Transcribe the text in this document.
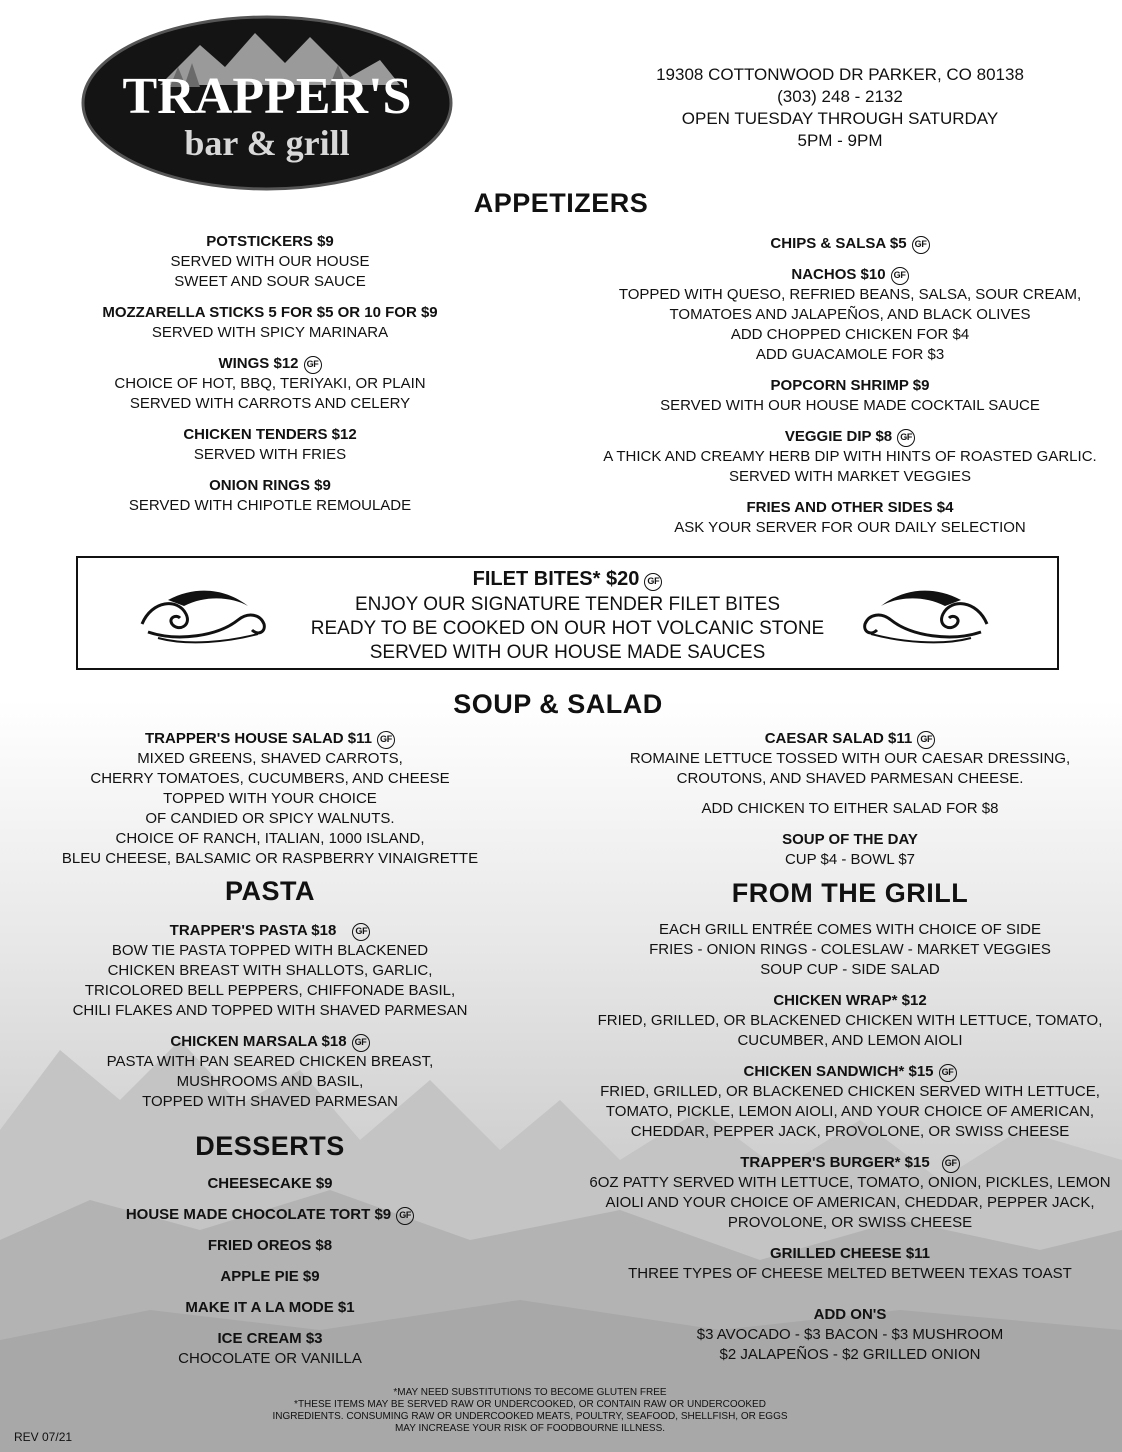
TRAPPER'S
bar & grill
19308 COTTONWOOD DR PARKER, CO 80138
(303) 248 - 2132
OPEN TUESDAY THROUGH SATURDAY
5PM - 9PM
APPETIZERS
POTSTICKERS $9
SERVED WITH OUR HOUSE
SWEET AND SOUR SAUCE
MOZZARELLA STICKS 5 FOR $5 OR 10 FOR $9
SERVED WITH SPICY MARINARA
WINGS $12 GF
CHOICE OF HOT, BBQ, TERIYAKI, OR PLAIN
SERVED WITH CARROTS AND CELERY
CHICKEN TENDERS $12
SERVED WITH FRIES
ONION RINGS $9
SERVED WITH CHIPOTLE REMOULADE
CHIPS & SALSA $5 GF
NACHOS $10 GF
TOPPED WITH QUESO, REFRIED BEANS, SALSA, SOUR CREAM,
TOMATOES AND JALAPEÑOS, AND BLACK OLIVES
ADD CHOPPED CHICKEN FOR $4
ADD GUACAMOLE FOR $3
POPCORN SHRIMP $9
SERVED WITH OUR HOUSE MADE COCKTAIL SAUCE
VEGGIE DIP $8 GF
A THICK AND CREAMY HERB DIP WITH HINTS OF ROASTED GARLIC.
SERVED WITH MARKET VEGGIES
FRIES AND OTHER SIDES $4
ASK YOUR SERVER FOR OUR DAILY SELECTION
FILET BITES* $20 GF
ENJOY OUR SIGNATURE TENDER FILET BITES
READY TO BE COOKED ON OUR HOT VOLCANIC STONE
SERVED WITH OUR HOUSE MADE SAUCES
SOUP & SALAD
TRAPPER'S HOUSE SALAD $11 GF
MIXED GREENS, SHAVED CARROTS,
CHERRY TOMATOES, CUCUMBERS, AND CHEESE
TOPPED WITH YOUR CHOICE
OF CANDIED OR SPICY WALNUTS.
CHOICE OF RANCH, ITALIAN, 1000 ISLAND,
BLEU CHEESE, BALSAMIC OR RASPBERRY VINAIGRETTE
CAESAR SALAD $11 GF
ROMAINE LETTUCE TOSSED WITH OUR CAESAR DRESSING,
CROUTONS, AND SHAVED PARMESAN CHEESE.
ADD CHICKEN TO EITHER SALAD FOR $8
SOUP OF THE DAY
CUP $4 - BOWL $7
PASTA
TRAPPER'S PASTA $18 GF
BOW TIE PASTA TOPPED WITH BLACKENED
CHICKEN BREAST WITH SHALLOTS, GARLIC,
TRICOLORED BELL PEPPERS, CHIFFONADE BASIL,
CHILI FLAKES AND TOPPED WITH SHAVED PARMESAN
CHICKEN MARSALA $18 GF
PASTA WITH PAN SEARED CHICKEN BREAST,
MUSHROOMS AND BASIL,
TOPPED WITH SHAVED PARMESAN
DESSERTS
CHEESECAKE $9
HOUSE MADE CHOCOLATE TORT $9 GF
FRIED OREOS $8
APPLE PIE $9
MAKE IT A LA MODE $1
ICE CREAM $3
CHOCOLATE OR VANILLA
FROM THE GRILL
EACH GRILL ENTRÉE COMES WITH CHOICE OF SIDE
FRIES - ONION RINGS - COLESLAW - MARKET VEGGIES
SOUP CUP - SIDE SALAD
CHICKEN WRAP* $12
FRIED, GRILLED, OR BLACKENED CHICKEN WITH LETTUCE, TOMATO,
CUCUMBER, AND LEMON AIOLI
CHICKEN SANDWICH* $15 GF
FRIED, GRILLED, OR BLACKENED CHICKEN SERVED WITH LETTUCE,
TOMATO, PICKLE, LEMON AIOLI, AND YOUR CHOICE OF AMERICAN,
CHEDDAR, PEPPER JACK, PROVOLONE, OR SWISS CHEESE
TRAPPER'S BURGER* $15 GF
6OZ PATTY SERVED WITH LETTUCE, TOMATO, ONION, PICKLES, LEMON
AIOLI AND YOUR CHOICE OF AMERICAN, CHEDDAR, PEPPER JACK,
PROVOLONE, OR SWISS CHEESE
GRILLED CHEESE $11
THREE TYPES OF CHEESE MELTED BETWEEN TEXAS TOAST
ADD ON'S
$3 AVOCADO - $3 BACON - $3 MUSHROOM
$2 JALAPEÑOS - $2 GRILLED ONION
*MAY NEED SUBSTITUTIONS TO BECOME GLUTEN FREE
*THESE ITEMS MAY BE SERVED RAW OR UNDERCOOKED, OR CONTAIN RAW OR UNDERCOOKED
INGREDIENTS. CONSUMING RAW OR UNDERCOOKED MEATS, POULTRY, SEAFOOD, SHELLFISH, OR EGGS
MAY INCREASE YOUR RISK OF FOODBOURNE ILLNESS.
REV 07/21
